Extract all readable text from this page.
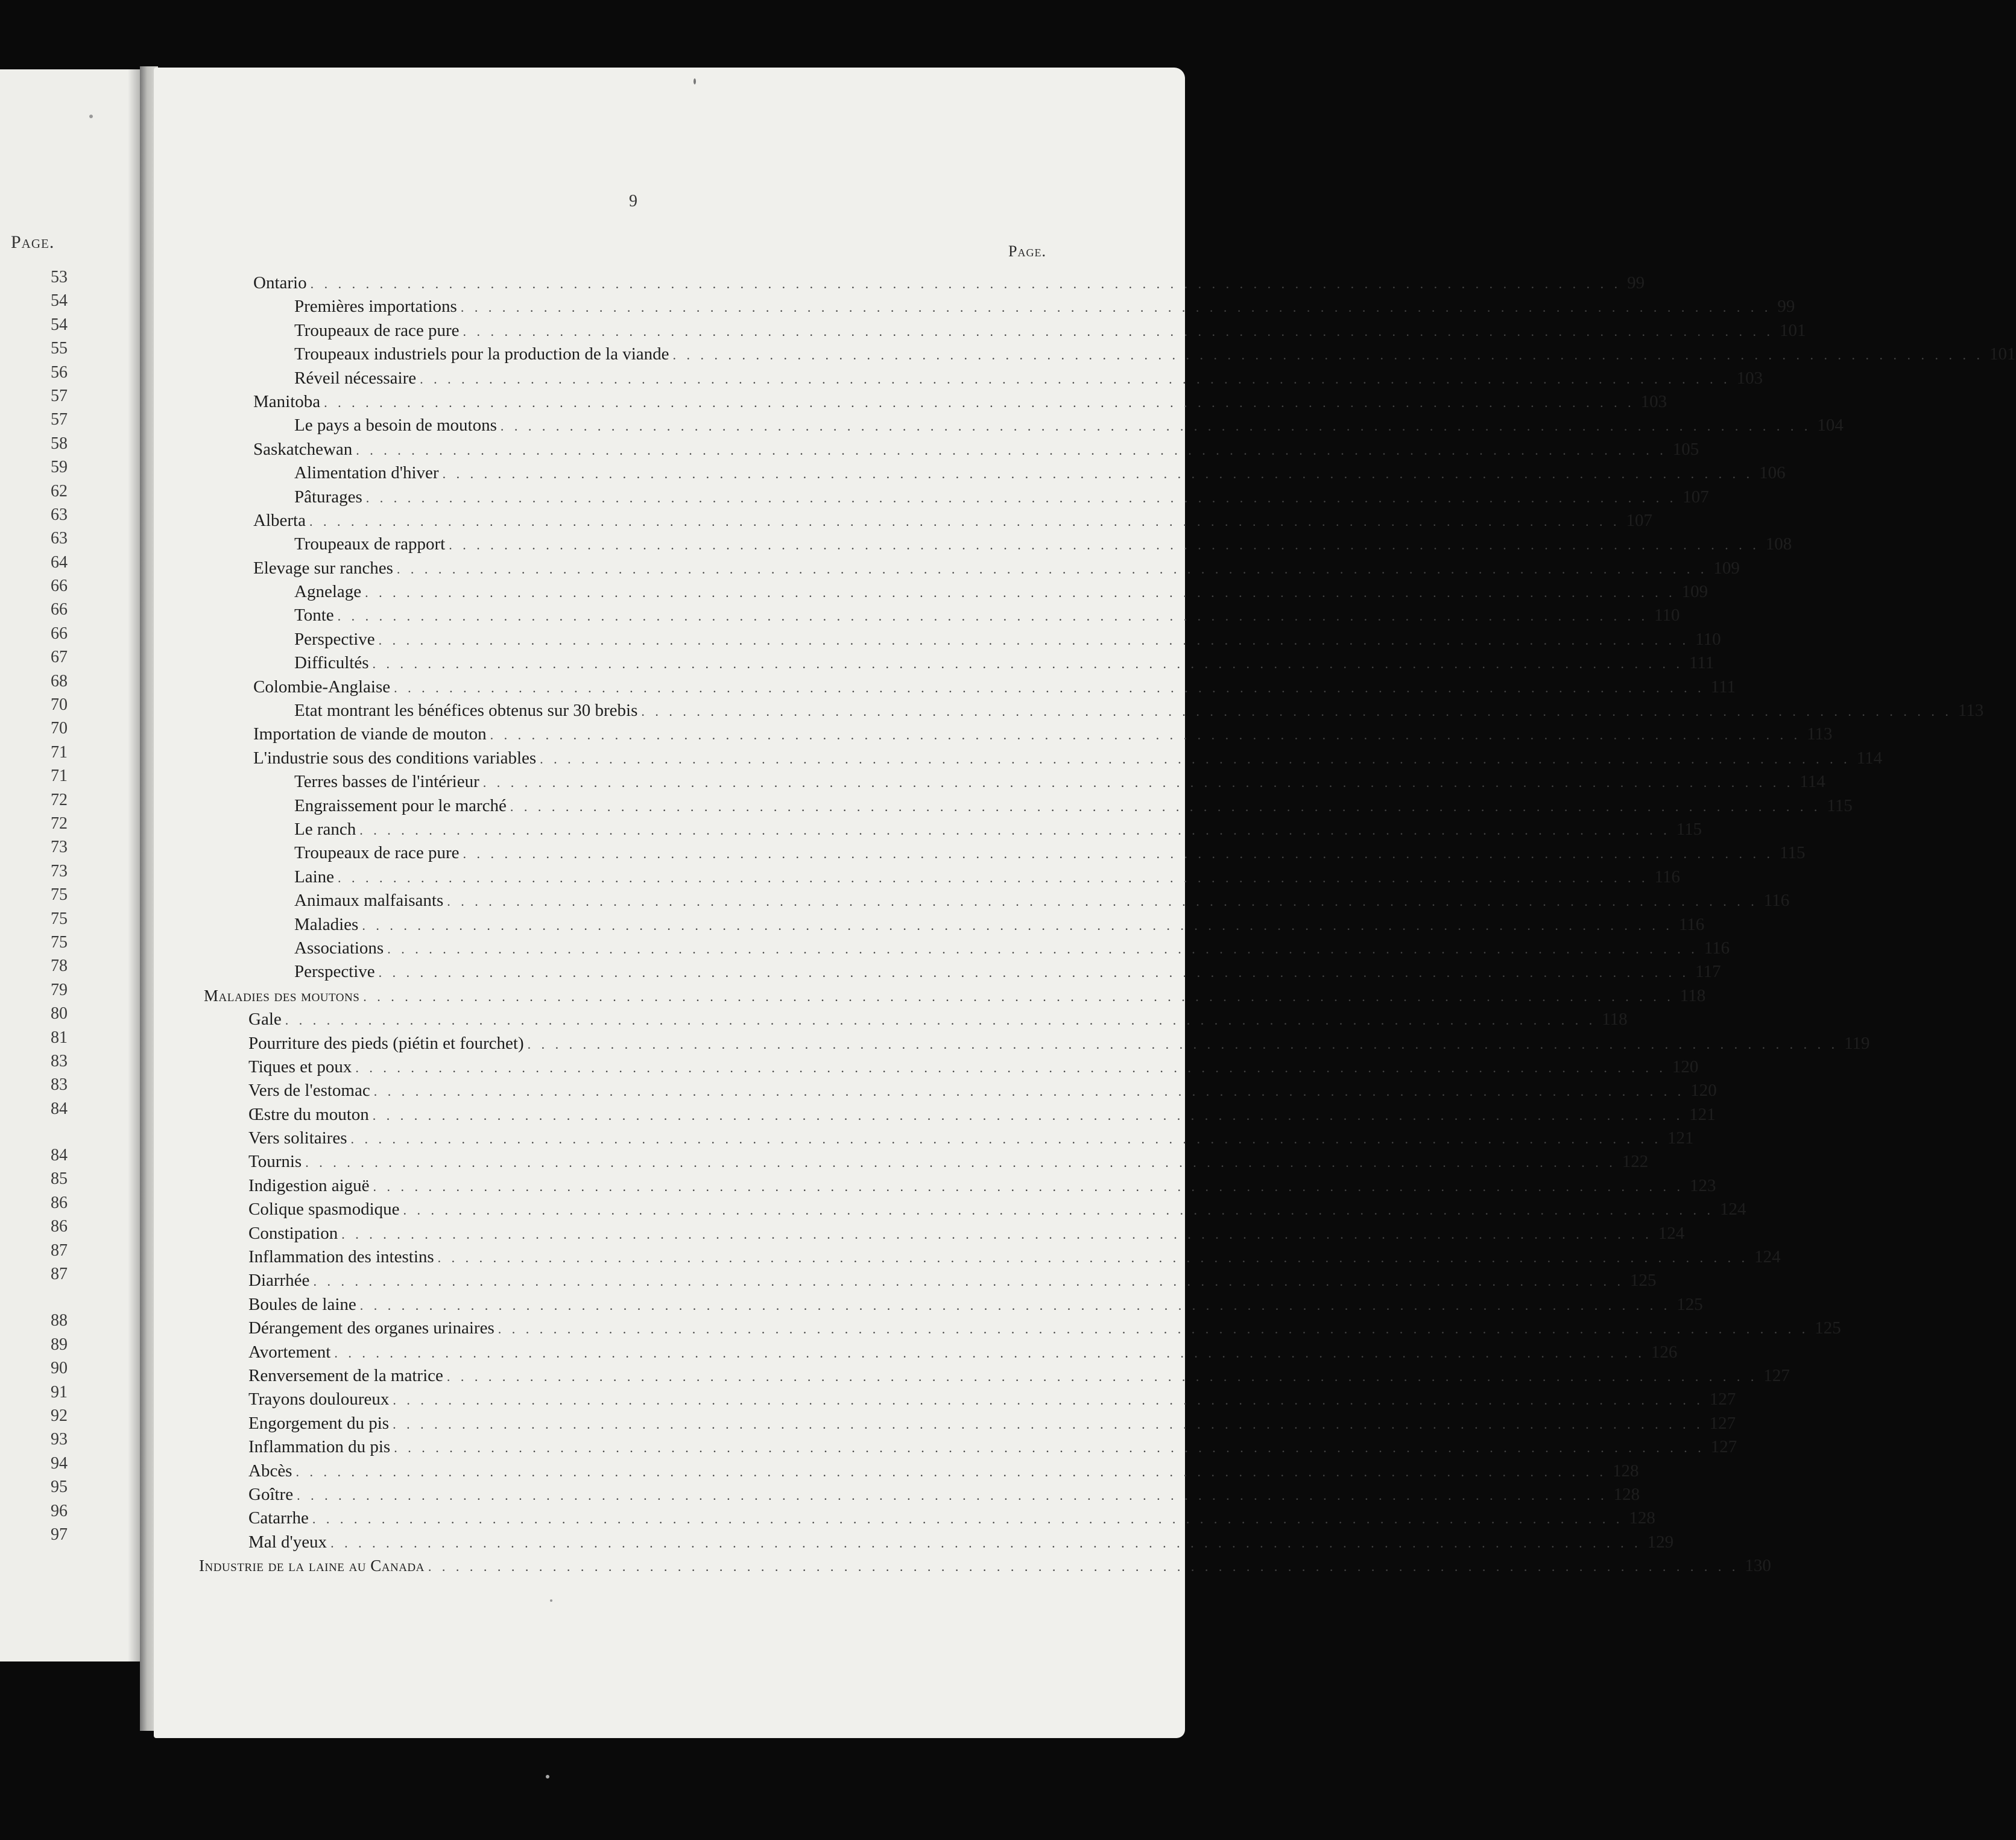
Page.
53
54
54
55
56
57
57
58
59
62
63
63
64
66
66
66
67
68
70
70
71
71
72
72
73
73
75
75
75
78
79
80
81
83
83
84
84
85
86
86
87
87
88
89
90
91
92
93
94
95
96
97
9
Page.
Ontario . . .	99
Premières importations . . .	99
Troupeaux de race pure . . .	101
Troupeaux industriels pour la production de la viande . . .	101
Réveil nécessaire . . .	103
Manitoba . . .	103
Le pays a besoin de moutons . . .	104
Saskatchewan . . .	105
Alimentation d'hiver . . .	106
Pâturages . . .	107
Alberta . . .	107
Troupeaux de rapport . . .	108
Elevage sur ranches . . .	109
Agnelage . . .	109
Tonte . . .	110
Perspective . . .	110
Difficultés . . .	111
Colombie-Anglaise . . .	111
Etat montrant les bénéfices obtenus sur 30 brebis . . .	113
Importation de viande de mouton . . .	113
L'industrie sous des conditions variables . . .	114
Terres basses de l'intérieur . . .	114
Engraissement pour le marché . . .	115
Le ranch . . .	115
Troupeaux de race pure . . .	115
Laine . . .	116
Animaux malfaisants . . .	116
Maladies . . .	116
Associations . . .	116
Perspective . . .	117
Maladies des moutons . . .	118
Gale . . .	118
Pourriture des pieds (piétin et fourchet) . . .	119
Tiques et poux . . .	120
Vers de l'estomac . . .	120
Œstre du mouton . . .	121
Vers solitaires . . .	121
Tournis . . .	122
Indigestion aiguë . . .	123
Colique spasmodique . . .	124
Constipation . . .	124
Inflammation des intestins . . .	124
Diarrhée . . .	125
Boules de laine . . .	125
Dérangement des organes urinaires . . .	125
Avortement . . .	126
Renversement de la matrice . . .	127
Trayons douloureux . . .	127
Engorgement du pis . . .	127
Inflammation du pis . . .	127
Abcès . . .	128
Goître . . .	128
Catarrhe . . .	128
Mal d'yeux . . .	129
Industrie de la laine au Canada . . .	130
